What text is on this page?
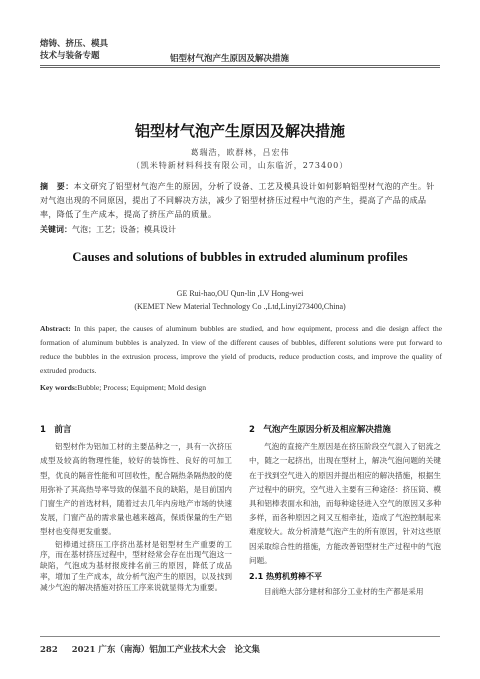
熔铸、挤压、模具
技术与装备专题	铝型材气泡产生原因及解决措施
铝型材气泡产生原因及解决措施
葛瑞浩，欧群林，吕宏伟
（凯米特新材料科技有限公司，山东临沂，273400）
摘　要：本文研究了铝型材气泡产生的原因，分析了设备、工艺及模具设计如何影响铝型材气泡的产生。针对气泡出现的不同原因，提出了不同解决方法，减少了铝型材挤压过程中气泡的产生，提高了产品的成品率，降低了生产成本，提高了挤压产品的质量。
关键词：气泡；工艺；设备；模具设计
Causes and solutions of bubbles in extruded aluminum profiles
GE Rui-hao,OU Qun-lin ,LV Hong-wei
(KEMET New Material Technology Co .,Ltd,Linyi273400,China)
Abstract: In this paper, the causes of aluminum bubbles are studied, and how equipment, process and die design affect the formation of aluminum bubbles is analyzed. In view of the different causes of bubbles, different solutions were put forward to reduce the bubbles in the extrusion process, improve the yield of products, reduce production costs, and improve the quality of extruded products.
Key words:Bubble; Process; Equipment; Mold design
1　前言

铝型材作为铝加工材的主要品种之一，具有一次挤压成型及较高的物理性能，较好的装饰性、良好的可加工型，优良的隔音性能和可回收性，配合隔热条隔热胶的使用弥补了其高热导率导致的保温不良的缺陷，是目前国内门窗生产的首选材料，随着过去几年内房地产市场的快速发展，门窗产品的需求量也越来越高，保质保量的生产铝型材也变得更发重要。

铝棒通过挤压工序挤出基材是铝型材生产重要的工序，而在基材挤压过程中，型材经常会存在出现气泡这一缺陷，气泡成为基材报废排名前三的原因，降低了成品率，增加了生产成本，故分析气泡产生的原因，以及找到减少气泡的解决措施对挤压工序来说就显得尤为重要。

2　气泡产生原因分析及相应解决措施

气泡的直接产生原因是在挤压阶段空气混入了铝流之中，随之一起挤出，出现在型材上，解决气泡问题的关键在于找到空气进入的原因并提出相应的解决措施，根据生产过程中的研究，空气进入主要有三种途径：挤压筒、模具和铝棒表面水和油，而每种途径进入空气的原因又多种多样，而各种原因之间又互相牵扯，造成了气泡控制起来难度较大。故分析清楚气泡产生的所有原因，针对这些原因采取综合性的措施，方能改善铝型材生产过程中的气泡问题。

2.1 热剪机剪棒不平

目前绝大部分建材和部分工业材的生产都是采用

282 2021 广东（南海）铝加工产业技术大会　论文集
